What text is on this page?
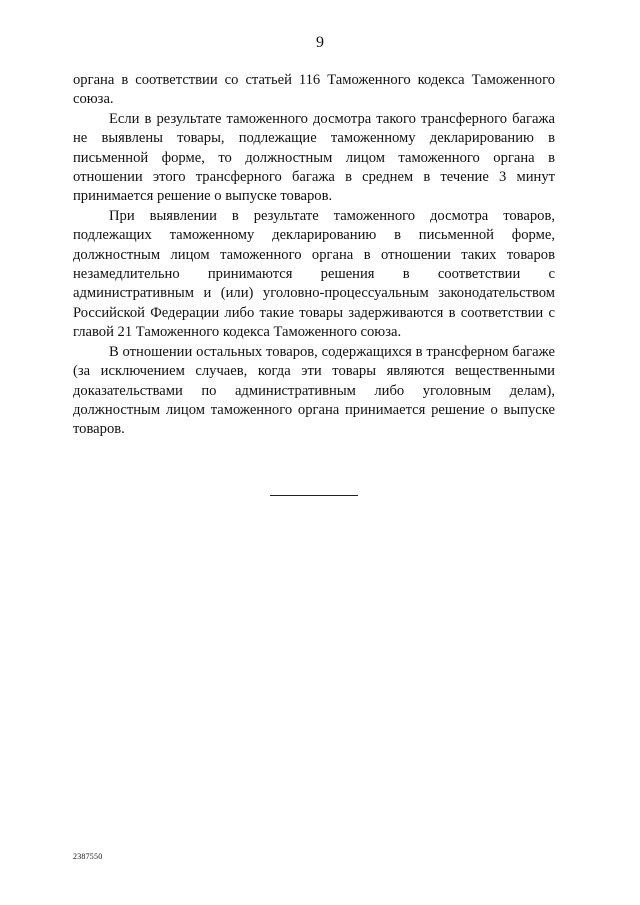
9

органа в соответствии со статьей 116 Таможенного кодекса Таможенного союза.

Если в результате таможенного досмотра такого трансферного багажа не выявлены товары, подлежащие таможенному декларированию в письменной форме, то должностным лицом таможенного органа в отношении этого трансферного багажа в среднем в течение 3 минут принимается решение о выпуске товаров.

При выявлении в результате таможенного досмотра товаров, подлежащих таможенному декларированию в письменной форме, должностным лицом таможенного органа в отношении таких товаров незамедлительно принимаются решения в соответствии с административным и (или) уголовно-процессуальным законодательством Российской Федерации либо такие товары задерживаются в соответствии с главой 21 Таможенного кодекса Таможенного союза.

В отношении остальных товаров, содержащихся в трансферном багаже (за исключением случаев, когда эти товары являются вещественными доказательствами по административным либо уголовным делам), должностным лицом таможенного органа принимается решение о выпуске товаров.

2387550
